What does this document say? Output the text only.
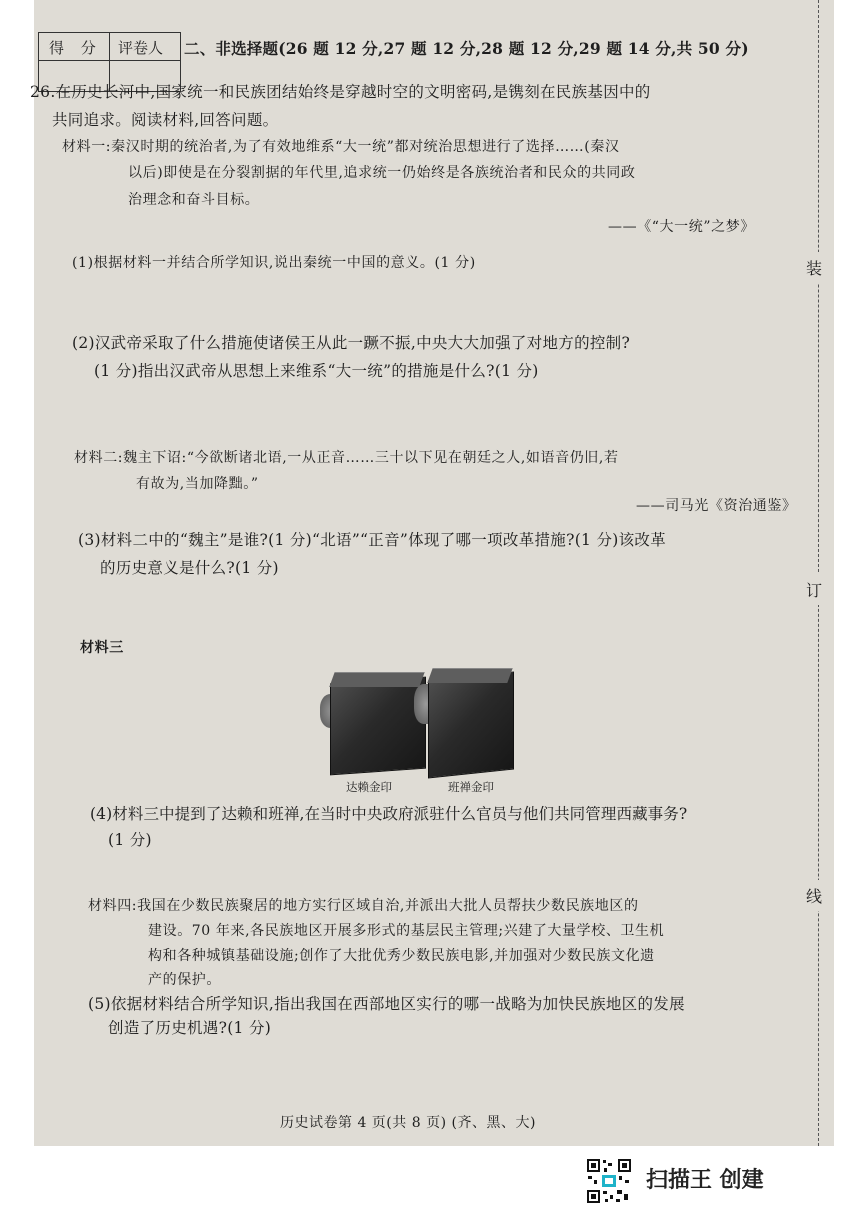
得 分 评卷人 二、非选择题(26 题 12 分,27 题 12 分,28 题 12 分,29 题 14 分,共 50 分)
26.在历史长河中,国家统一和民族团结始终是穿越时空的文明密码,是镌刻在民族基因中的
共同追求。阅读材料,回答问题。
材料一:秦汉时期的统治者,为了有效地维系“大一统”都对统治思想进行了选择……(秦汉
以后)即使是在分裂割据的年代里,追求统一仍始终是各族统治者和民众的共同政
治理念和奋斗目标。
——《“大一统”之梦》
(1)根据材料一并结合所学知识,说出秦统一中国的意义。(1 分)
(2)汉武帝采取了什么措施使诸侯王从此一蹶不振,中央大大加强了对地方的控制?
(1 分)指出汉武帝从思想上来维系“大一统”的措施是什么?(1 分)
材料二:魏主下诏:“今欲断诸北语,一从正音……三十以下见在朝廷之人,如语音仍旧,若
有故为,当加降黜。”
——司马光《资治通鉴》
(3)材料二中的“魏主”是谁?(1 分)“北语”“正音”体现了哪一项改革措施?(1 分)该改革
的历史意义是什么?(1 分)
材料三
达赖金印	班禅金印
(4)材料三中提到了达赖和班禅,在当时中央政府派驻什么官员与他们共同管理西藏事务?
(1 分)
材料四:我国在少数民族聚居的地方实行区域自治,并派出大批人员帮扶少数民族地区的
建设。70 年来,各民族地区开展多形式的基层民主管理;兴建了大量学校、卫生机
构和各种城镇基础设施;创作了大批优秀少数民族电影,并加强对少数民族文化遗
产的保护。
(5)依据材料结合所学知识,指出我国在西部地区实行的哪一战略为加快民族地区的发展
创造了历史机遇?(1 分)
历史试卷第 4 页(共 8 页) (齐、黑、大)
装
订
线
扫描王 创建
